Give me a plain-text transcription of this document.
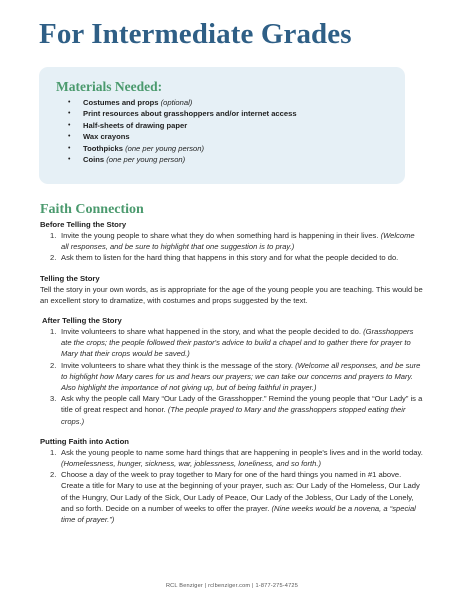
For Intermediate Grades
Materials Needed:
• Costumes and props (optional)
• Print resources about grasshoppers and/or internet access
• Half-sheets of drawing paper
• Wax crayons
• Toothpicks (one per young person)
• Coins (one per young person)
Faith Connection
Before Telling the Story
1. Invite the young people to share what they do when something hard is happening in their lives. (Welcome all responses, and be sure to highlight that one suggestion is to pray.)
2. Ask them to listen for the hard thing that happens in this story and for what the people decided to do.
Telling the Story

Tell the story in your own words, as is appropriate for the age of the young people you are teaching. This would be an excellent story to dramatize, with costumes and props suggested by the text.

After Telling the Story
1. Invite volunteers to share what happened in the story, and what the people decided to do. (Grasshoppers ate the crops; the people followed their pastor's advice to build a chapel and to gather there for prayer to Mary that their crops would be saved.)
2. Invite volunteers to share what they think is the message of the story. (Welcome all responses, and be sure to highlight how Mary cares for us and hears our prayers; we can take our concerns and prayers to Mary. Also highlight the importance of not giving up, but of being faithful in prayer.)
3. Ask why the people call Mary “Our Lady of the Grasshopper.” Remind the young people that “Our Lady” is a title of great respect and honor. (The people prayed to Mary and the grasshoppers stopped eating their crops.)
Putting Faith into Action
1. Ask the young people to name some hard things that are happening in people's lives and in the world today. (Homelessness, hunger, sickness, war, joblessness, loneliness, and so forth.)
2. Choose a day of the week to pray together to Mary for one of the hard things you named in #1 above. Create a title for Mary to use at the beginning of your prayer, such as: Our Lady of the Homeless, Our Lady of the Hungry, Our Lady of the Sick, Our Lady of Peace, Our Lady of the Jobless, Our Lady of the Lonely, and so forth. Decide on a number of weeks to offer the prayer. (Nine weeks would be a novena, a “special time of prayer.”)
RCL Benziger | rclbenziger.com | 1-877-275-4725
